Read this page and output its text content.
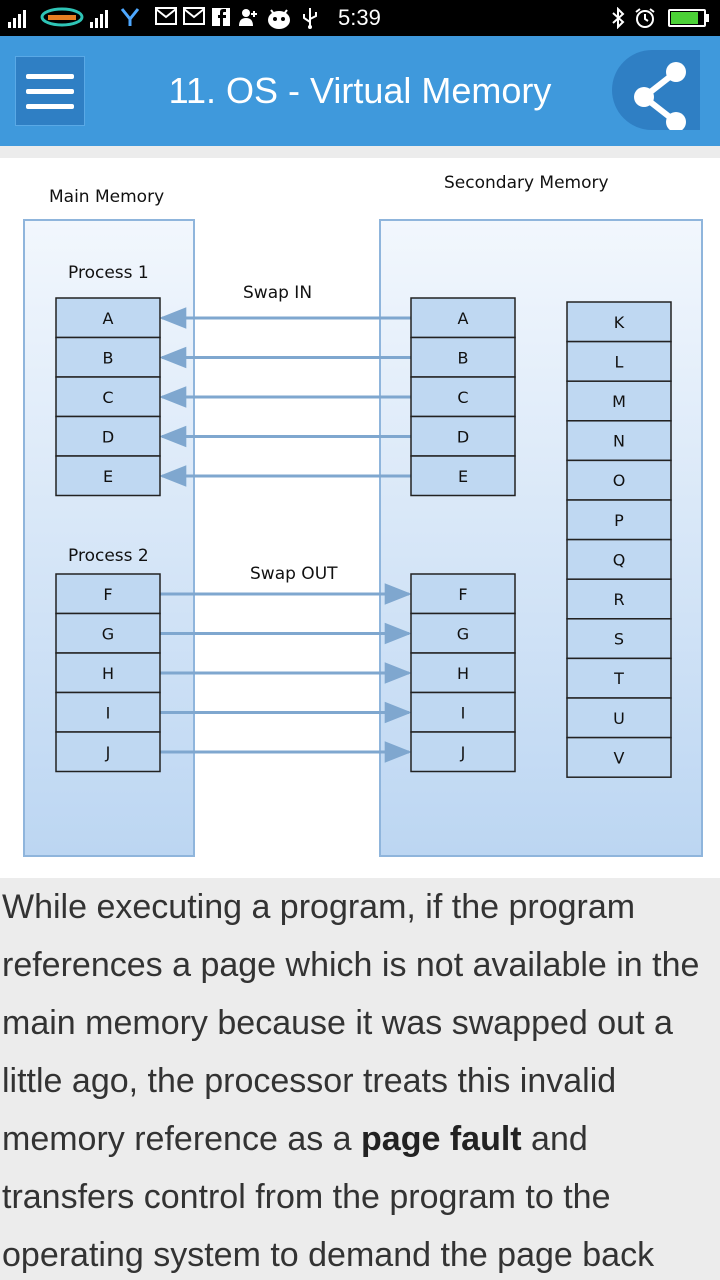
5:39
11. OS - Virtual Memory
Main Memory
Secondary Memory
Process 1
Process 2
Swap IN
Swap OUT
A
B
C
D
E
F
G
H
I
J
A
B
C
D
E
F
G
H
I
J
K
L
M
N
O
P
Q
R
S
T
U
V

While executing a program, if the program references a page which is not available in the main memory because it was swapped out a little ago, the processor treats this invalid memory reference as a page fault and transfers control from the program to the operating system to demand the page back
